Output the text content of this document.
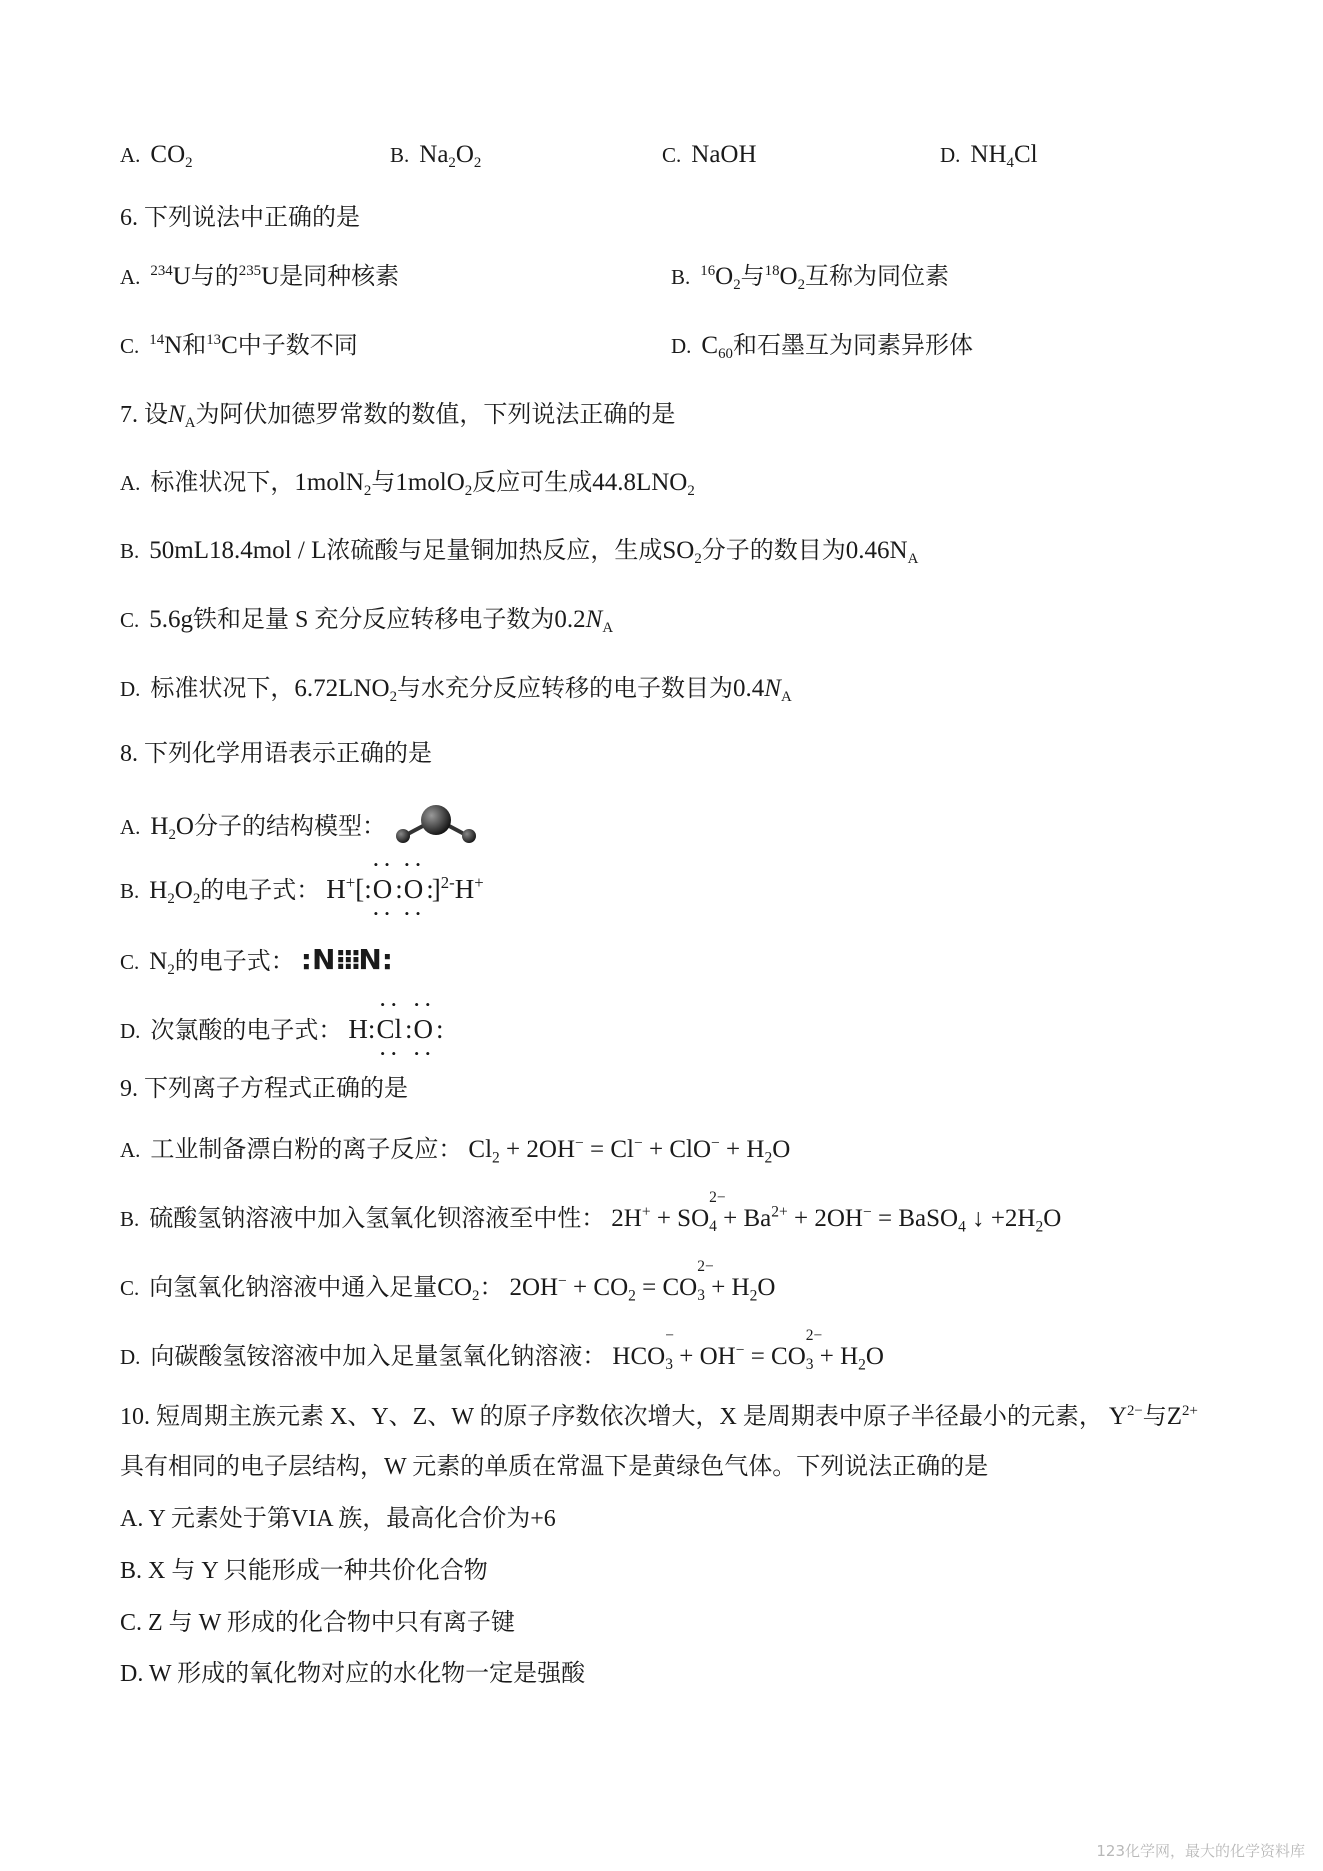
A. $CO_2$	B. $Na_2O_2$	C. NaOH	D. $NH_4Cl$
6. 下列说法中正确的是
A. $^{234}$U与的$^{235}$U是同种核素	B. $^{16}O_2$与$^{18}O_2$互称为同位素
C. $^{14}$N和$^{13}$C中子数不同	D. $C_{60}$和石墨互为同素异形体
7. 设$N_A$为阿伏加德罗常数的数值，下列说法正确的是
A. 标准状况下，1molN$_2$与1molO$_2$反应可生成$44.8LNO_2$
B. 50mL18.4mol / L浓硫酸与足量铜加热反应，生成$SO_2$分子的数目为$0.46N_A$
C. 5.6g铁和足量 S 充分反应转移电子数为$0.2N_A$
D. 标准状况下，$6.72LNO_2$与水充分反应转移的电子数目为$0.4N_A$
8. 下列化学用语表示正确的是
A. $H_2O$分子的结构模型：
B. $H_2O_2$的电子式： H+[: • • O • • : • • O • • :]$^{2-}$H+
C. $N_2$的电子式： :N⁝⁝⁝N:
D. 次氯酸的电子式： H: • • Cl • • : • • O • • :
9. 下列离子方程式正确的是
A. 工业制备漂白粉的离子反应： $Cl_2 + 2OH^- = Cl^- + ClO^- + H_2O$
B. 硫酸氢钠溶液中加入氢氧化钡溶液至中性： 2H+ + SO
$_{2- 4} + Ba^{2+} + 2OH^-$ = BaSO$_4$ ↓ $+2H_2O$
C. 向氢氧化钠溶液中通入足量$CO_2$： $2OH^- + CO_2$ = CO
$_{2- 3} + H_2O$
D. 向碳酸氢铵溶液中加入足量氢氧化钠溶液： HCO
$_{- 3}$ + OH− = CO
$_{2- 3} + H_2O$
10. 短周期主族元素 X、Y、Z、W 的原子序数依次增大，X 是周期表中原子半径最小的元素， $Y^{2-}$与$Z^{2+}$
具有相同的电子层结构，W 元素的单质在常温下是黄绿色气体。下列说法正确的是
A. Y 元素处于第VIA 族，最高化合价为+6
B. X 与 Y 只能形成一种共价化合物
C. Z 与 W 形成的化合物中只有离子键
D. W 形成的氧化物对应的水化物一定是强酸
123化学网，最大的化学资料库
